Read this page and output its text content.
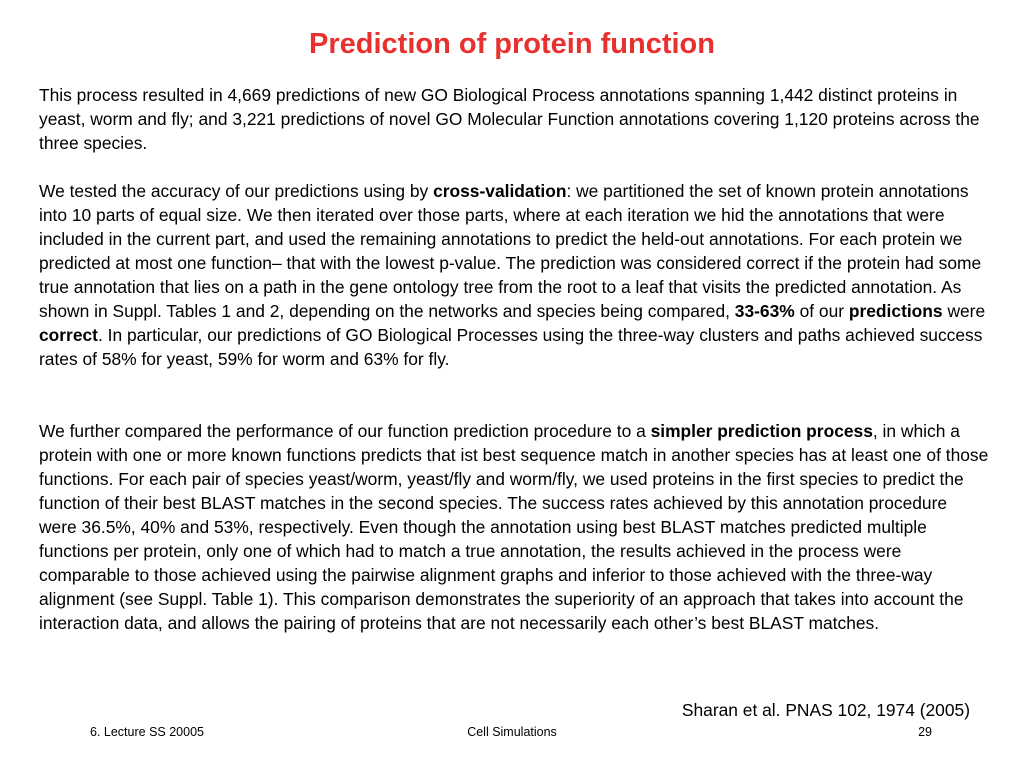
Prediction of protein function

This process resulted in 4,669 predictions of new GO Biological Process annotations spanning 1,442 distinct proteins in yeast, worm and fly; and 3,221 predictions of novel GO Molecular Function annotations covering 1,120 proteins across the three species.

We tested the accuracy of our predictions using by cross-validation: we partitioned the set of known protein annotations into 10 parts of equal size. We then iterated over those parts, where at each iteration we hid the annotations that were included in the current part, and used the remaining annotations to predict the held-out annotations. For each protein we predicted at most one function– that with the lowest p-value. The prediction was considered correct if the protein had some true annotation that lies on a path in the gene ontology tree from the root to a leaf that visits the predicted annotation. As shown in Suppl. Tables 1 and 2, depending on the networks and species being compared, 33-63% of our predictions were correct. In particular, our predictions of GO Biological Processes using the three-way clusters and paths achieved success rates of 58% for yeast, 59% for worm and 63% for fly.

We further compared the performance of our function prediction procedure to a simpler prediction process, in which a protein with one or more known functions predicts that ist best sequence match in another species has at least one of those functions. For each pair of species yeast/worm, yeast/fly and worm/fly, we used proteins in the first species to predict the function of their best BLAST matches in the second species. The success rates achieved by this annotation procedure were 36.5%, 40% and 53%, respectively. Even though the annotation using best BLAST matches predicted multiple functions per protein, only one of which had to match a true annotation, the results achieved in the process were comparable to those achieved using the pairwise alignment graphs and inferior to those achieved with the three-way alignment (see Suppl. Table 1). This comparison demonstrates the superiority of an approach that takes into account the interaction data, and allows the pairing of proteins that are not necessarily each other’s best BLAST matches.

Sharan et al. PNAS 102, 1974 (2005)
6. Lecture SS 20005	Cell Simulations	29
